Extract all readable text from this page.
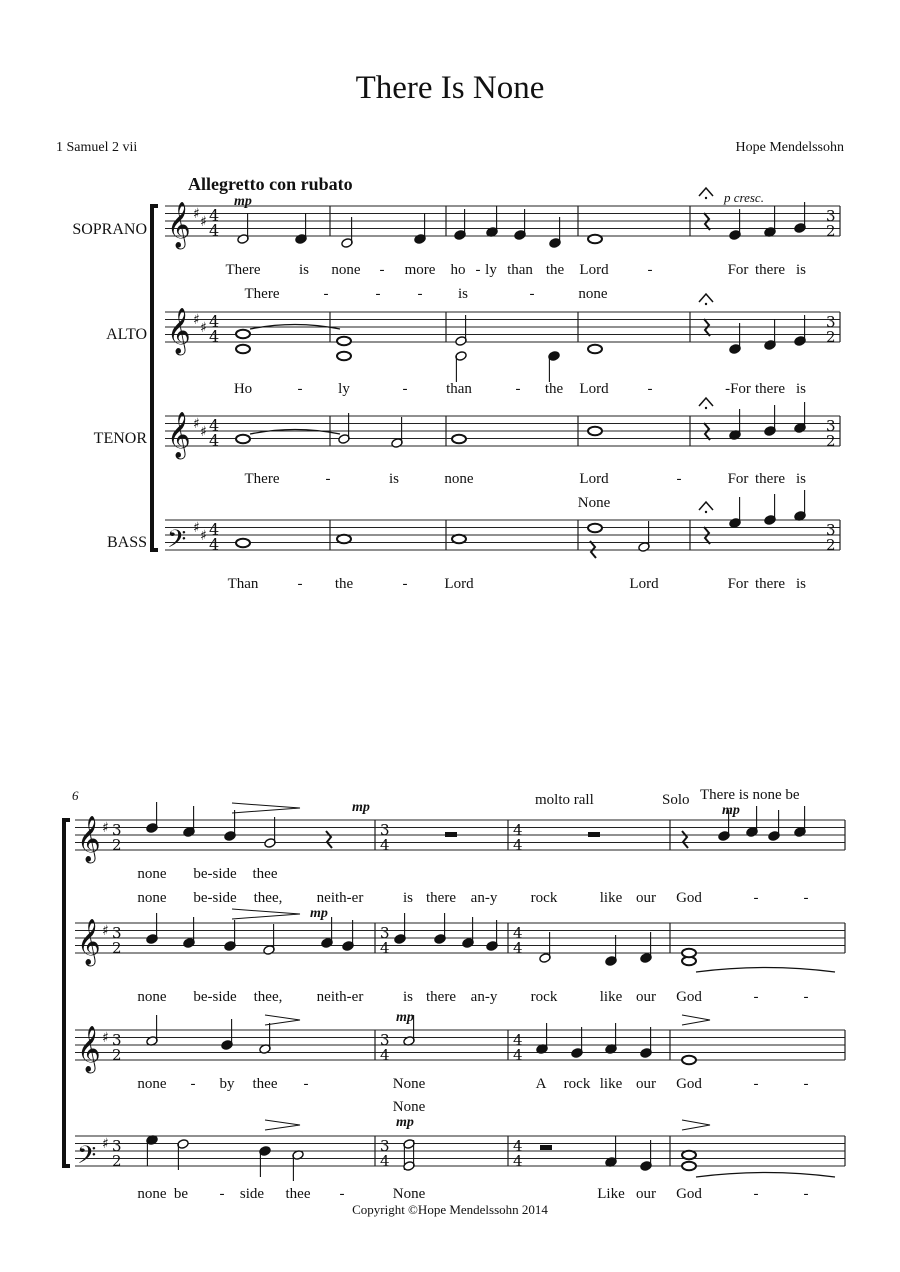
There Is None
1 Samuel 2 vii	Hope Mendelssohn
Allegretto con rubato
SOPRANO
ALTO
TENOR
BASS
𝄞 ♯ ♯ 4
4
3
2
𝄞 ♯ ♯ 4
4
3
2
𝄞 ♯ ♯ 4
4
3
2
𝄢 ♯ ♯ 4
4
3
2
𝄞 ♯ 3
2
3
4
4
4
𝄞 ♯ 3
2
3
4
4
4
𝄞 ♯ 3
2
3
4
4
4
𝄢 ♯ 3
2
3
4
4
4
mp	p cresc.
There	is none - more ho - ly than the Lord	-	For there is
There	-	- - is	-	none
Ho	- ly	-	than	- the Lord	-	-For there is
There	-	is	none	Lord	-	For there is
None
Than	- the	- Lord	Lord	For there is
6	molto rall	Solo There is none be
mp	mp
mp
mp
mp
none be-side thee
none be-side thee, neith-er	is there an-y rock	like our God	-	-
none be-side thee, neith-er	is there an-y rock	like our God	-	-
none - by thee -	None	A rock like our God	-	-
None
none be - side thee -	None	Like our God	-	-
Copyright ©Hope Mendelssohn 2014
